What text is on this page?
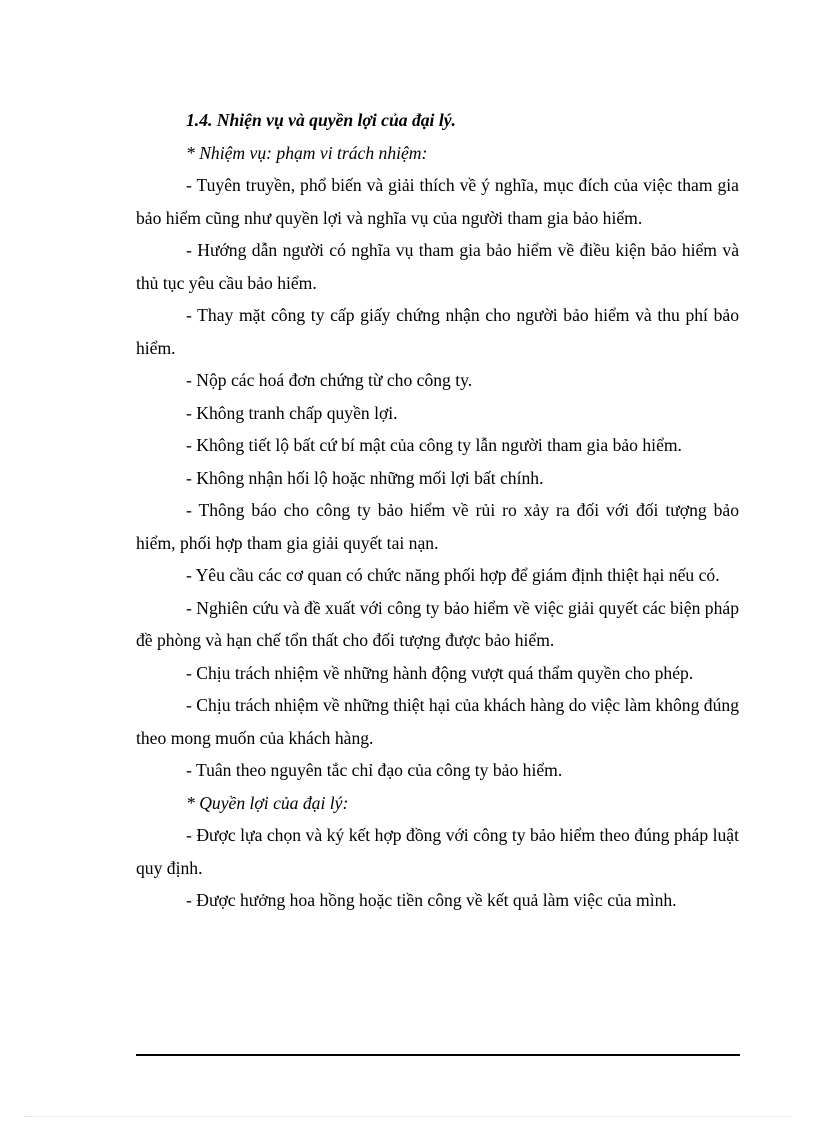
1.4. Nhiện vụ và quyền lợi của đại lý.

* Nhiệm vụ: phạm vi trách nhiệm:

- Tuyên truyền, phổ biến và giải thích về ý nghĩa, mục đích của việc tham gia bảo hiểm cũng như quyền lợi và nghĩa vụ của người tham gia bảo hiểm.

- Hướng dẫn người có nghĩa vụ tham gia bảo hiểm về điều kiện bảo hiểm và thủ tục yêu cầu bảo hiểm.

- Thay mặt công ty cấp giấy chứng nhận cho người bảo hiểm và thu phí bảo hiểm.

- Nộp các hoá đơn chứng từ cho công ty.

- Không tranh chấp quyền lợi.

- Không tiết lộ bất cứ bí mật của công ty lẫn người tham gia bảo hiểm.

- Không nhận hối lộ hoặc những mối lợi bất chính.

- Thông báo cho công ty bảo hiểm về rủi ro xảy ra đối với đối tượng bảo hiểm, phối hợp tham gia giải quyết tai nạn.

- Yêu cầu các cơ quan có chức năng phối hợp để giám định thiệt hại nếu có.

- Nghiên cứu và đề xuất với công ty bảo hiểm về việc giải quyết các biện pháp đề phòng và hạn chế tổn thất cho đối tượng được bảo hiểm.

- Chịu trách nhiệm về những hành động vượt quá thẩm quyền cho phép.

- Chịu trách nhiệm về những thiệt hại của khách hàng do việc làm không đúng theo mong muốn của khách hàng.

- Tuân theo nguyên tắc chỉ đạo của công ty bảo hiểm.

* Quyền lợi của đại lý:

- Được lựa chọn và ký kết hợp đồng với công ty bảo hiểm theo đúng pháp luật quy định.

- Được hưởng hoa hồng hoặc tiền công về kết quả làm việc của mình.
